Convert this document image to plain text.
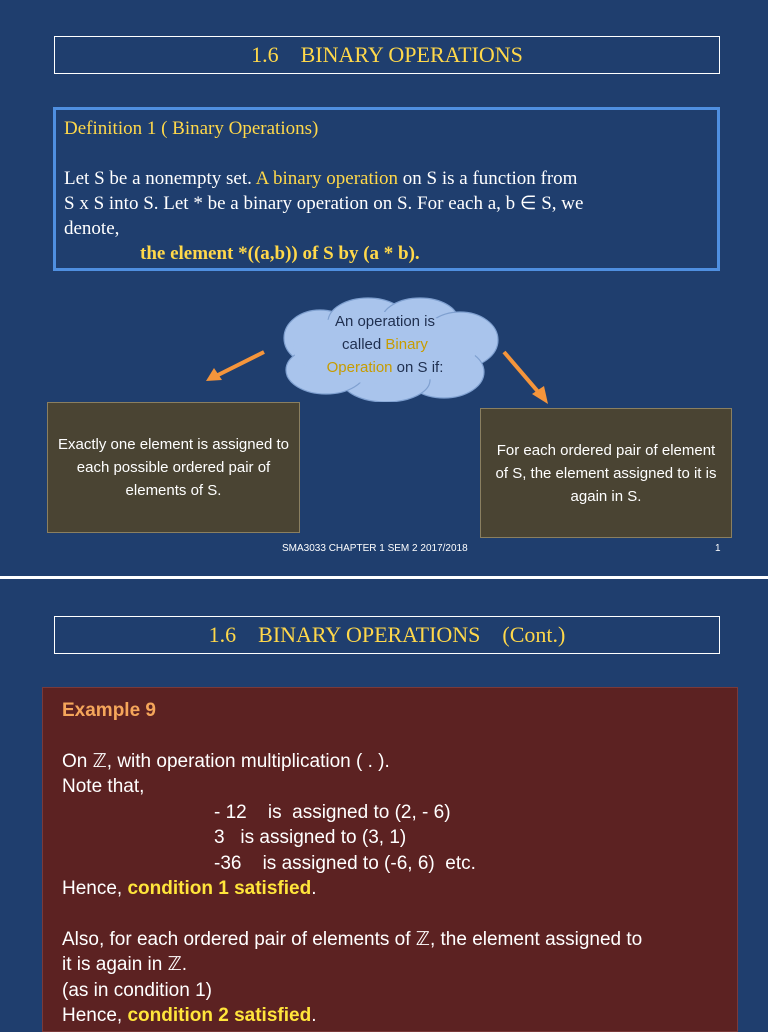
1.6    BINARY OPERATIONS
Definition 1 ( Binary Operations)
Let S be a nonempty set. A binary operation on S is a function from
S x S into S. Let * be a binary operation on S. For each a, b ∈ S, we
denote,
the element *((a,b)) of S by (a * b).
An operation is
called Binary
Operation on S if:
Exactly one element is assigned to each possible ordered pair of elements of S.
For each ordered pair of element of S, the element assigned to it is again in S.
SMA3033 CHAPTER 1 SEM 2 2017/2018	1
1.6    BINARY OPERATIONS    (Cont.)
Example 9
On ℤ, with operation multiplication ( . ).
Note that,
- 12    is  assigned to (2, - 6)
3   is assigned to (3, 1)
-36    is assigned to (-6, 6)  etc.
Hence, condition 1 satisfied.
Also, for each ordered pair of elements of ℤ, the element assigned to
it is again in ℤ.
(as in condition 1)
Hence, condition 2 satisfied.
